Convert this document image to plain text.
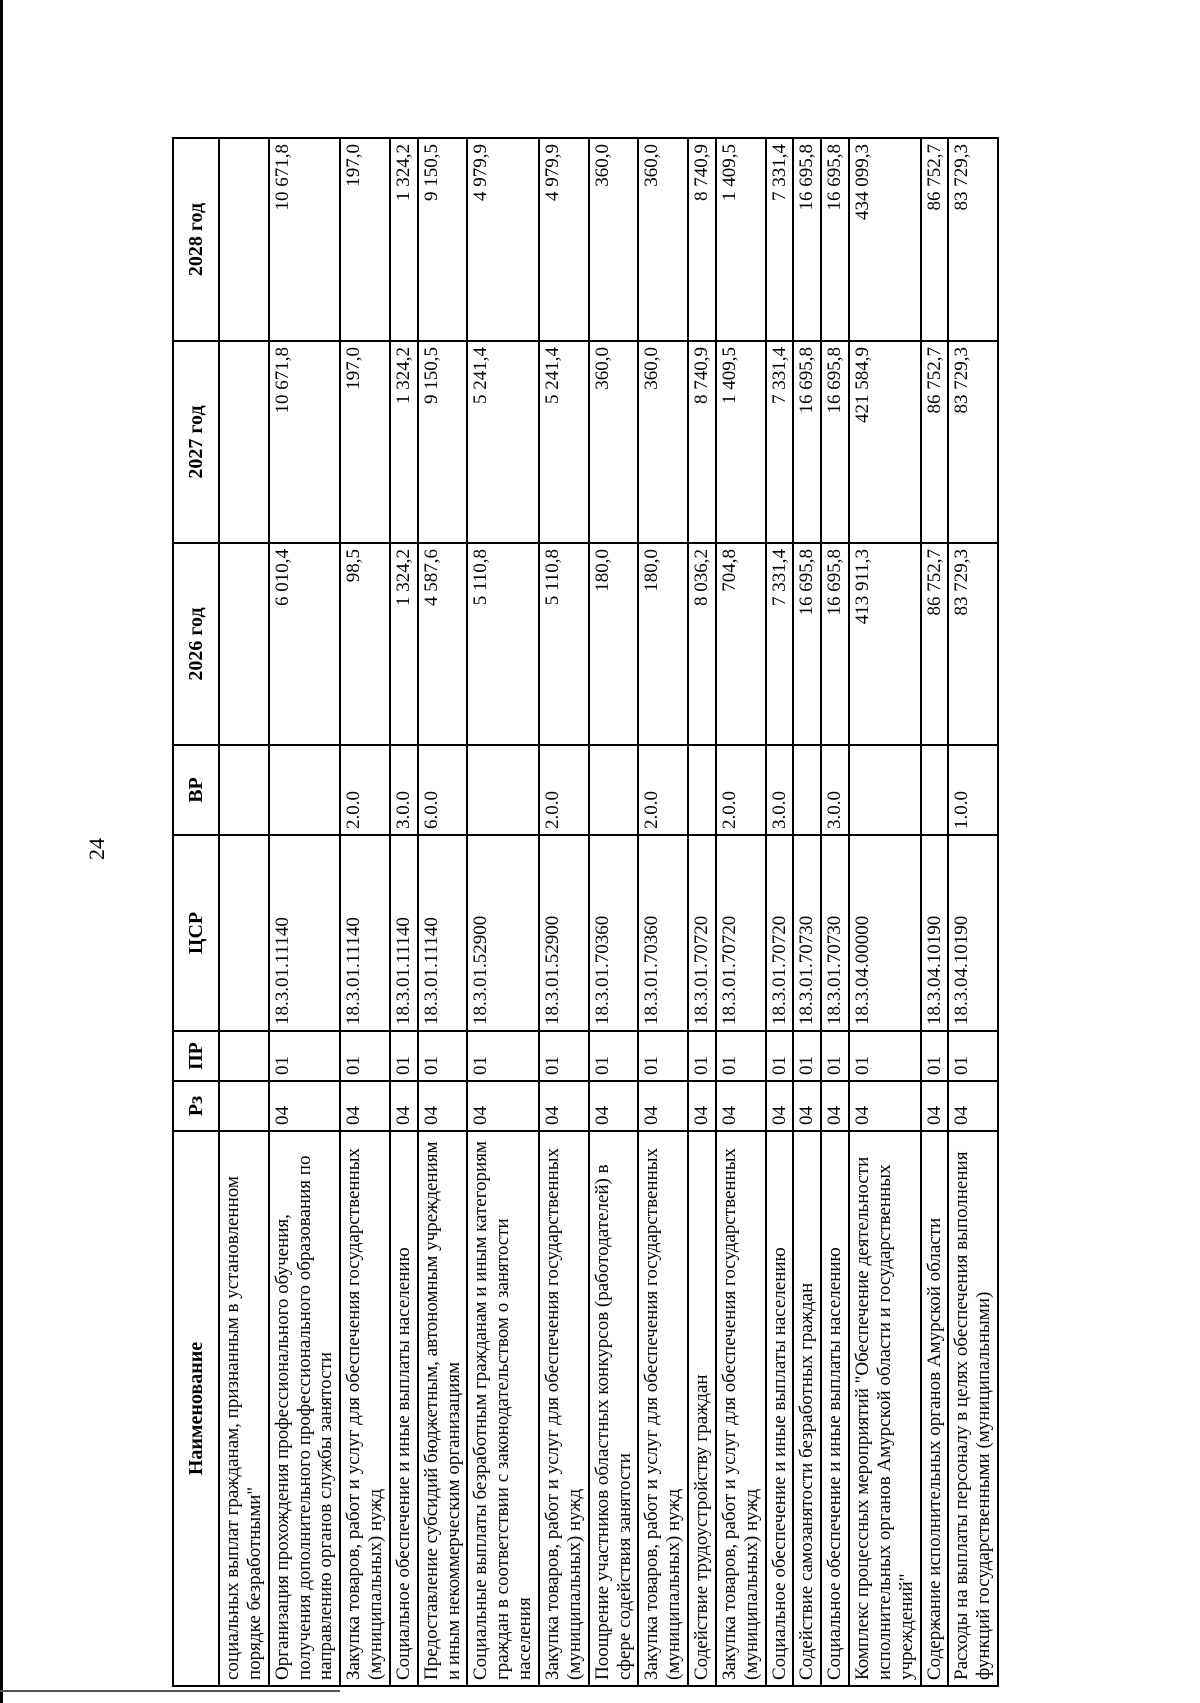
24
Наименование	Рз	ПР	ЦСР	ВР	2026 год	2027 год	2028 год
социальных выплат гражданам, признанным в установленном порядке безработными"							
Организация прохождения профессионального обучения, получения дополнительного профессионального образования по направлению органов службы занятости	04	01	18.3.01.11140		6 010,4	10 671,8	10 671,8
Закупка товаров, работ и услуг для обеспечения государственных (муниципальных) нужд	04	01	18.3.01.11140	2.0.0	98,5	197,0	197,0
Социальное обеспечение и иные выплаты населению	04	01	18.3.01.11140	3.0.0	1 324,2	1 324,2	1 324,2
Предоставление субсидий бюджетным, автономным учреждениям и иным некоммерческим организациям	04	01	18.3.01.11140	6.0.0	4 587,6	9 150,5	9 150,5
Социальные выплаты безработным гражданам и иным категориям граждан в соответствии с законодательством о занятости населения	04	01	18.3.01.52900		5 110,8	5 241,4	4 979,9
Закупка товаров, работ и услуг для обеспечения государственных (муниципальных) нужд	04	01	18.3.01.52900	2.0.0	5 110,8	5 241,4	4 979,9
Поощрение участников областных конкурсов (работодателей) в сфере содействия занятости	04	01	18.3.01.70360		180,0	360,0	360,0
Закупка товаров, работ и услуг для обеспечения государственных (муниципальных) нужд	04	01	18.3.01.70360	2.0.0	180,0	360,0	360,0
Содействие трудоустройству граждан	04	01	18.3.01.70720		8 036,2	8 740,9	8 740,9
Закупка товаров, работ и услуг для обеспечения государственных (муниципальных) нужд	04	01	18.3.01.70720	2.0.0	704,8	1 409,5	1 409,5
Социальное обеспечение и иные выплаты населению	04	01	18.3.01.70720	3.0.0	7 331,4	7 331,4	7 331,4
Содействие самозанятости безработных граждан	04	01	18.3.01.70730		16 695,8	16 695,8	16 695,8
Социальное обеспечение и иные выплаты населению	04	01	18.3.01.70730	3.0.0	16 695,8	16 695,8	16 695,8
Комплекс процессных мероприятий "Обеспечение деятельности исполнительных органов Амурской области и государственных учреждений"	04	01	18.3.04.00000		413 911,3	421 584,9	434 099,3
Содержание исполнительных органов Амурской области	04	01	18.3.04.10190		86 752,7	86 752,7	86 752,7
Расходы на выплаты персоналу в целях обеспечения выполнения функций государственными (муниципальными)	04	01	18.3.04.10190	1.0.0	83 729,3	83 729,3	83 729,3
